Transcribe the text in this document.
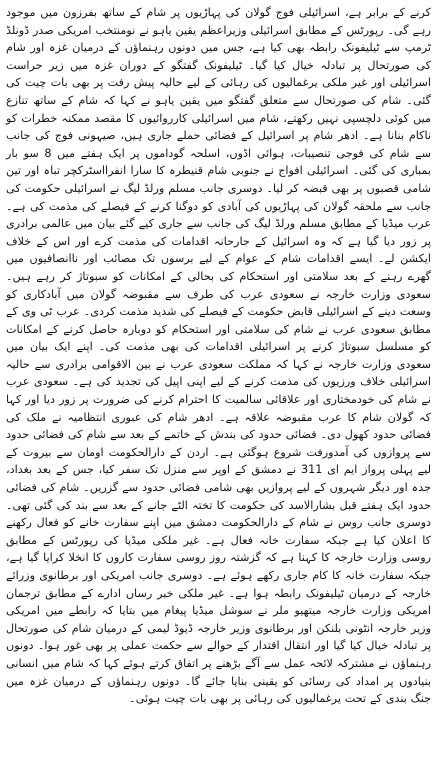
کرنے کے برابر ہے، اسرائیلی فوج گولان کی پہاڑیوں پر شام کے ساتھ بفرزون میں موجود رہے گی۔ رپورٹس کے مطابق اسرائیلی وزیراعظم یقین یاہو نے نومنتخب امریکی صدر ڈونلڈ ٹرمپ سے ٹیلیفونک رابطہ بھی کیا ہے، جس میں دونوں رہنماؤں کے درمیان غزہ اور شام کی صورتحال پر تبادلہ خیال کیا گیا۔ ٹیلیفونک گفتگو کے دوران غزہ میں زیر حراست اسرائیلی اور غیر ملکی یرغمالیوں کی رہائی کے لیے حالیہ پیش رفت پر بھی بات چیت کی گئی۔ شام کی صورتحال سے متعلق گفتگو میں یقین یاہو نے کہا کہ شام کے ساتھ تنازع میں کوئی دلچسپی نہیں رکھتے، شام میں اسرائیلی کارروائیوں کا مقصد ممکنہ خطرات کو ناکام بنانا ہے۔ ادھر شام پر اسرائیل کے فضائی حملے جاری ہیں، صیہونی فوج کی جانب سے شام کی فوجی تنصیبات، ہوائی اڈوں، اسلحہ گوداموں پر ایک ہفتے میں 8 سو بار بمباری کی گئی۔ اسرائیلی افواج نے جنوبی شام قنیطرہ کا سارا انفرااسٹرکچر تباہ اور تین شامی قصبوں پر بھی قبضہ کر لیا۔ دوسری جانب مسلم ورلڈ لیگ نے اسرائیلی حکومت کی جانب سے ملحقہ گولان کی پہاڑیوں کی آبادی کو دوگنا کرنے کے فیصلے کی مذمت کی ہے۔ عرب میڈیا کے مطابق مسلم ورلڈ لیگ کی جانب سے جاری کیے گئے بیان میں عالمی برادری پر زور دیا گیا ہے کہ وہ اسرائیل کے جارحانہ اقدامات کی مذمت کرے اور اس کے خلاف ایکشن لے۔ ایسے اقدامات شام کے عوام کے لیے برسوں تک مصائب اور ناانصافیوں میں گھرے رہنے کے بعد سلامتی اور استحکام کی بحالی کے امکانات کو سبوتاژ کر رہے ہیں۔ سعودی وزارت خارجہ نے سعودی عرب کی طرف سے مقبوضہ گولان میں آبادکاری کو وسعت دینے کے اسرائیلی قابض حکومت کے فیصلے کی شدید مذمت کردی۔ عرب ٹی وی کے مطابق سعودی عرب نے شام کی سلامتی اور استحکام کو دوبارہ حاصل کرنے کے امکانات کو مسلسل سبوتاژ کرنے پر اسرائیلی اقدامات کی بھی مذمت کی۔ اپنے ایک بیان میں سعودی وزارت خارجہ نے کہا کہ مملکت سعودی عرب نے بین الاقوامی برادری سے حالیہ اسرائیلی خلاف ورزیوں کی مذمت کرنے کے لیے اپنی اپیل کی تجدید کی ہے۔ سعودی عرب نے شام کی خودمختاری اور علاقائی سالمیت کا احترام کرنے کی ضرورت پر زور دیا اور کہا کہ گولان شام کا عرب مقبوضہ علاقہ ہے۔ ادھر شام کی عبوری انتظامیہ نے ملک کی فضائی حدود کھول دی۔ فضائی حدود کی بندش کے خاتمے کے بعد سے شام کی فضائی حدود سے پروازوں کی آمدورفت شروع ہوگئی ہے۔ اردن کے دارالحکومت اومان سے بیروت کے لیے پہلی پرواز ایم ای 311 نے دمشق کے اوپر سے منزل تک سفر کیا، جس کے بعد بغداد، جدہ اور دیگر شہروں کے لیے پروازیں بھی شامی فضائی حدود سے گزریں۔ شام کی فضائی حدود ایک ہفتے قبل بشارالاسد کی حکومت کا تختہ الٹے جانے کے بعد سے بند کی گئی تھی۔ دوسری جانب روس نے شام کے دارالحکومت دمشق میں اپنے سفارت خانے کو فعال رکھنے کا اعلان کیا ہے جبکہ سفارت خانہ فعال ہے۔ غیر ملکی میڈیا کی رپورٹس کے مطابق روسی وزارت خارجہ کا کہنا ہے کہ گزشتہ روز روسی سفارت کاروں کا انخلا کرایا گیا ہے، جبکہ سفارت خانہ کا کام جاری رکھے ہوئے ہے۔ دوسری جانب امریکی اور برطانوی وزرائے خارجہ کے درمیان ٹیلیفونک رابطہ ہوا ہے۔ غیر ملکی خبر رساں ادارے کے مطابق ترجمان امریکی وزارت خارجہ میتھیو ملر نے سوشل میڈیا پیغام میں بتایا کہ رابطے میں امریکی وزیر خارجہ انٹونی بلنکن اور برطانوی وزیر خارجہ ڈیوڈ لیمی کے درمیان شام کی صورتحال پر تبادلہ خیال کیا گیا اور انتقال اقتدار کے حوالے سے حکمت عملی پر بھی غور ہوا۔ دونوں رہنماؤں نے مشترکہ لائحہ عمل سے آگے بڑھنے پر اتفاق کرتے ہوئے کہا کہ شام میں انسانی بنیادوں پر امداد کی رسائی کو یقینی بنایا جائے گا۔ دونوں رہنماؤں کے درمیان غزہ میں جنگ بندی کے تحت یرغمالیوں کی رہائی پر بھی بات چیت ہوئی۔
